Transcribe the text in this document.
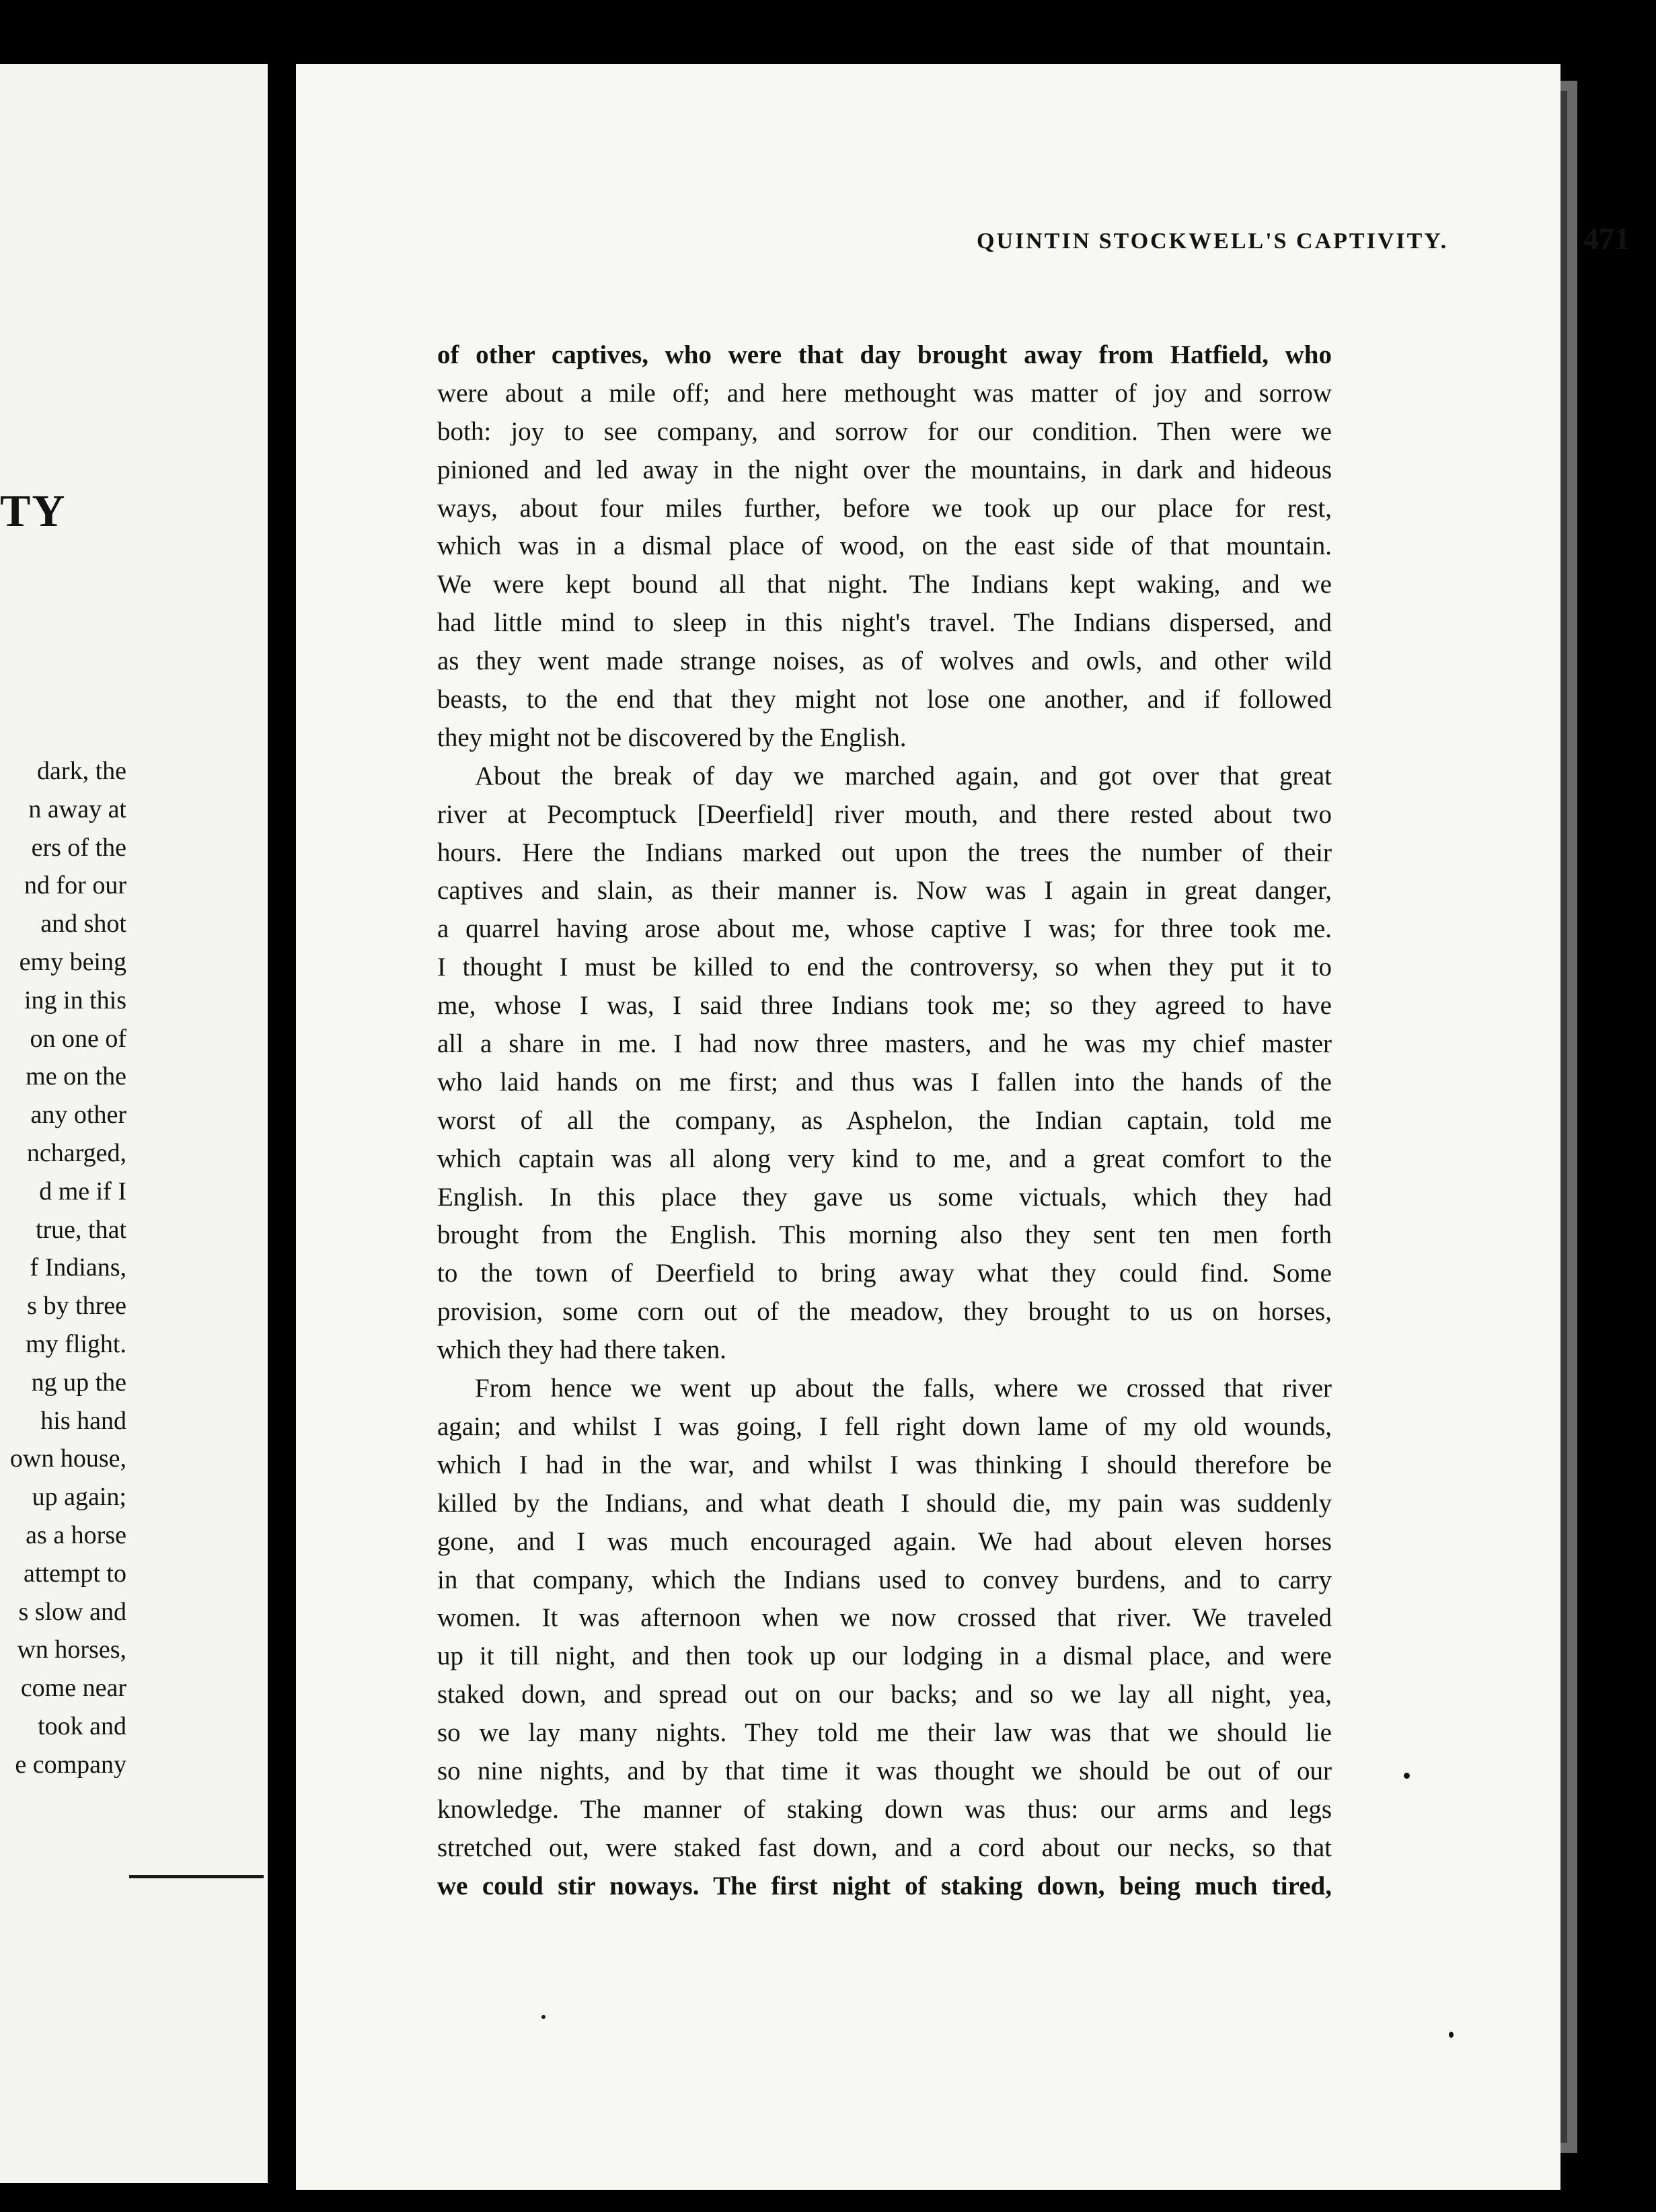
TY
dark, the
n away at
ers of the
nd for our
and shot
emy being
ing in this
on one of
me on the
any other
ncharged,
d me if I
true, that
f Indians,
s by three
my flight.
ng up the
his hand
own house,
up again;
as a horse
attempt to
s slow and
wn horses,
come near
took and
e company
QUINTIN STOCKWELL'S CAPTIVITY.	471
of other captives, who were that day brought away from Hatfield, who
were about a mile off; and here methought was matter of joy and sorrow
both: joy to see company, and sorrow for our condition. Then were we
pinioned and led away in the night over the mountains, in dark and hideous
ways, about four miles further, before we took up our place for rest,
which was in a dismal place of wood, on the east side of that mountain.
We were kept bound all that night. The Indians kept waking, and we
had little mind to sleep in this night's travel. The Indians dispersed, and
as they went made strange noises, as of wolves and owls, and other wild
beasts, to the end that they might not lose one another, and if followed
they might not be discovered by the English.
About the break of day we marched again, and got over that great
river at Pecomptuck [Deerfield] river mouth, and there rested about two
hours. Here the Indians marked out upon the trees the number of their
captives and slain, as their manner is. Now was I again in great danger,
a quarrel having arose about me, whose captive I was; for three took me.
I thought I must be killed to end the controversy, so when they put it to
me, whose I was, I said three Indians took me; so they agreed to have
all a share in me. I had now three masters, and he was my chief master
who laid hands on me first; and thus was I fallen into the hands of the
worst of all the company, as Asphelon, the Indian captain, told me
which captain was all along very kind to me, and a great comfort to the
English. In this place they gave us some victuals, which they had
brought from the English. This morning also they sent ten men forth
to the town of Deerfield to bring away what they could find. Some
provision, some corn out of the meadow, they brought to us on horses,
which they had there taken.
From hence we went up about the falls, where we crossed that river
again; and whilst I was going, I fell right down lame of my old wounds,
which I had in the war, and whilst I was thinking I should therefore be
killed by the Indians, and what death I should die, my pain was suddenly
gone, and I was much encouraged again. We had about eleven horses
in that company, which the Indians used to convey burdens, and to carry
women. It was afternoon when we now crossed that river. We traveled
up it till night, and then took up our lodging in a dismal place, and were
staked down, and spread out on our backs; and so we lay all night, yea,
so we lay many nights. They told me their law was that we should lie
so nine nights, and by that time it was thought we should be out of our
knowledge. The manner of staking down was thus: our arms and legs
stretched out, were staked fast down, and a cord about our necks, so that
we could stir noways. The first night of staking down, being much tired,
